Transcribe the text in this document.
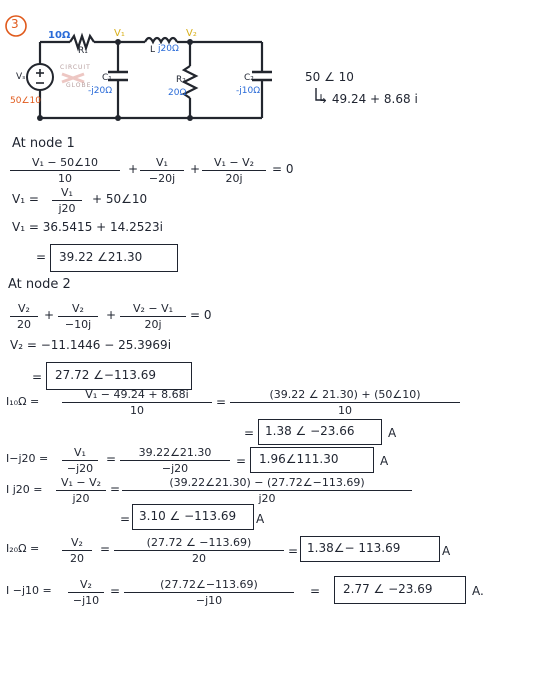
3
10Ω
R₁
V₁	V₂
L j20Ω
C₁
-j20Ω
R₂
20Ω
C₂
-j10Ω
Vₛ
50∠10
CIRCUIT
GLOBE
50 ∠ 10
↳ 49.24 + 8.68 i
At node 1
$\frac{\text{V₁ − 50∠10}}{10} + \frac{\text{V₁}}{-20j} + \frac{\text{V₁ − V₂}}{20j} = 0$
$V_1 = \frac{\text{V₁}}{j20}$ + 50∠10
V₁ = 36.5415 + 14.2523i
= 39.22 ∠21.30
At node 2
$\frac{\text{V₂}}{20} + \frac{\text{V₂}}{-10j} + \frac{\text{V₂ − V₁}}{20j} = 0$
V₂ = −11.1446 − 25.3969i
= 27.72 ∠−113.69
$I_{10}\Omega = \frac{\text{V₁ − 49.24 + 8.68i}}{10} = \frac{(39.22 \angle 21.30) + (50\angle 10)}{10}$
= 1.38 ∠ −23.66	A
$I-j20 = \frac{\text{V₁}}{-j20} = \frac{39.22\angle 21.30}{-j20}$ = 1.96∠111.30	A
I $j20 = \frac{\text{V₁ − V₂}}{j20} = \frac{(39.22\angle 21.30) - (27.72\angle-113.69)}{j20}$
= 3.10 ∠ −113.69 A
$I_{20}\Omega = \frac{\text{V₂}}{20} = \frac{(27.72 \angle -113.69)}{20}$ = 1.38∠− 113.69	A
$I -j10 = \frac{\text{V₂}}{-j10} = \frac{(27.72\angle-113.69)}{-j10} = 2.77$ ∠ −23.69	A.
